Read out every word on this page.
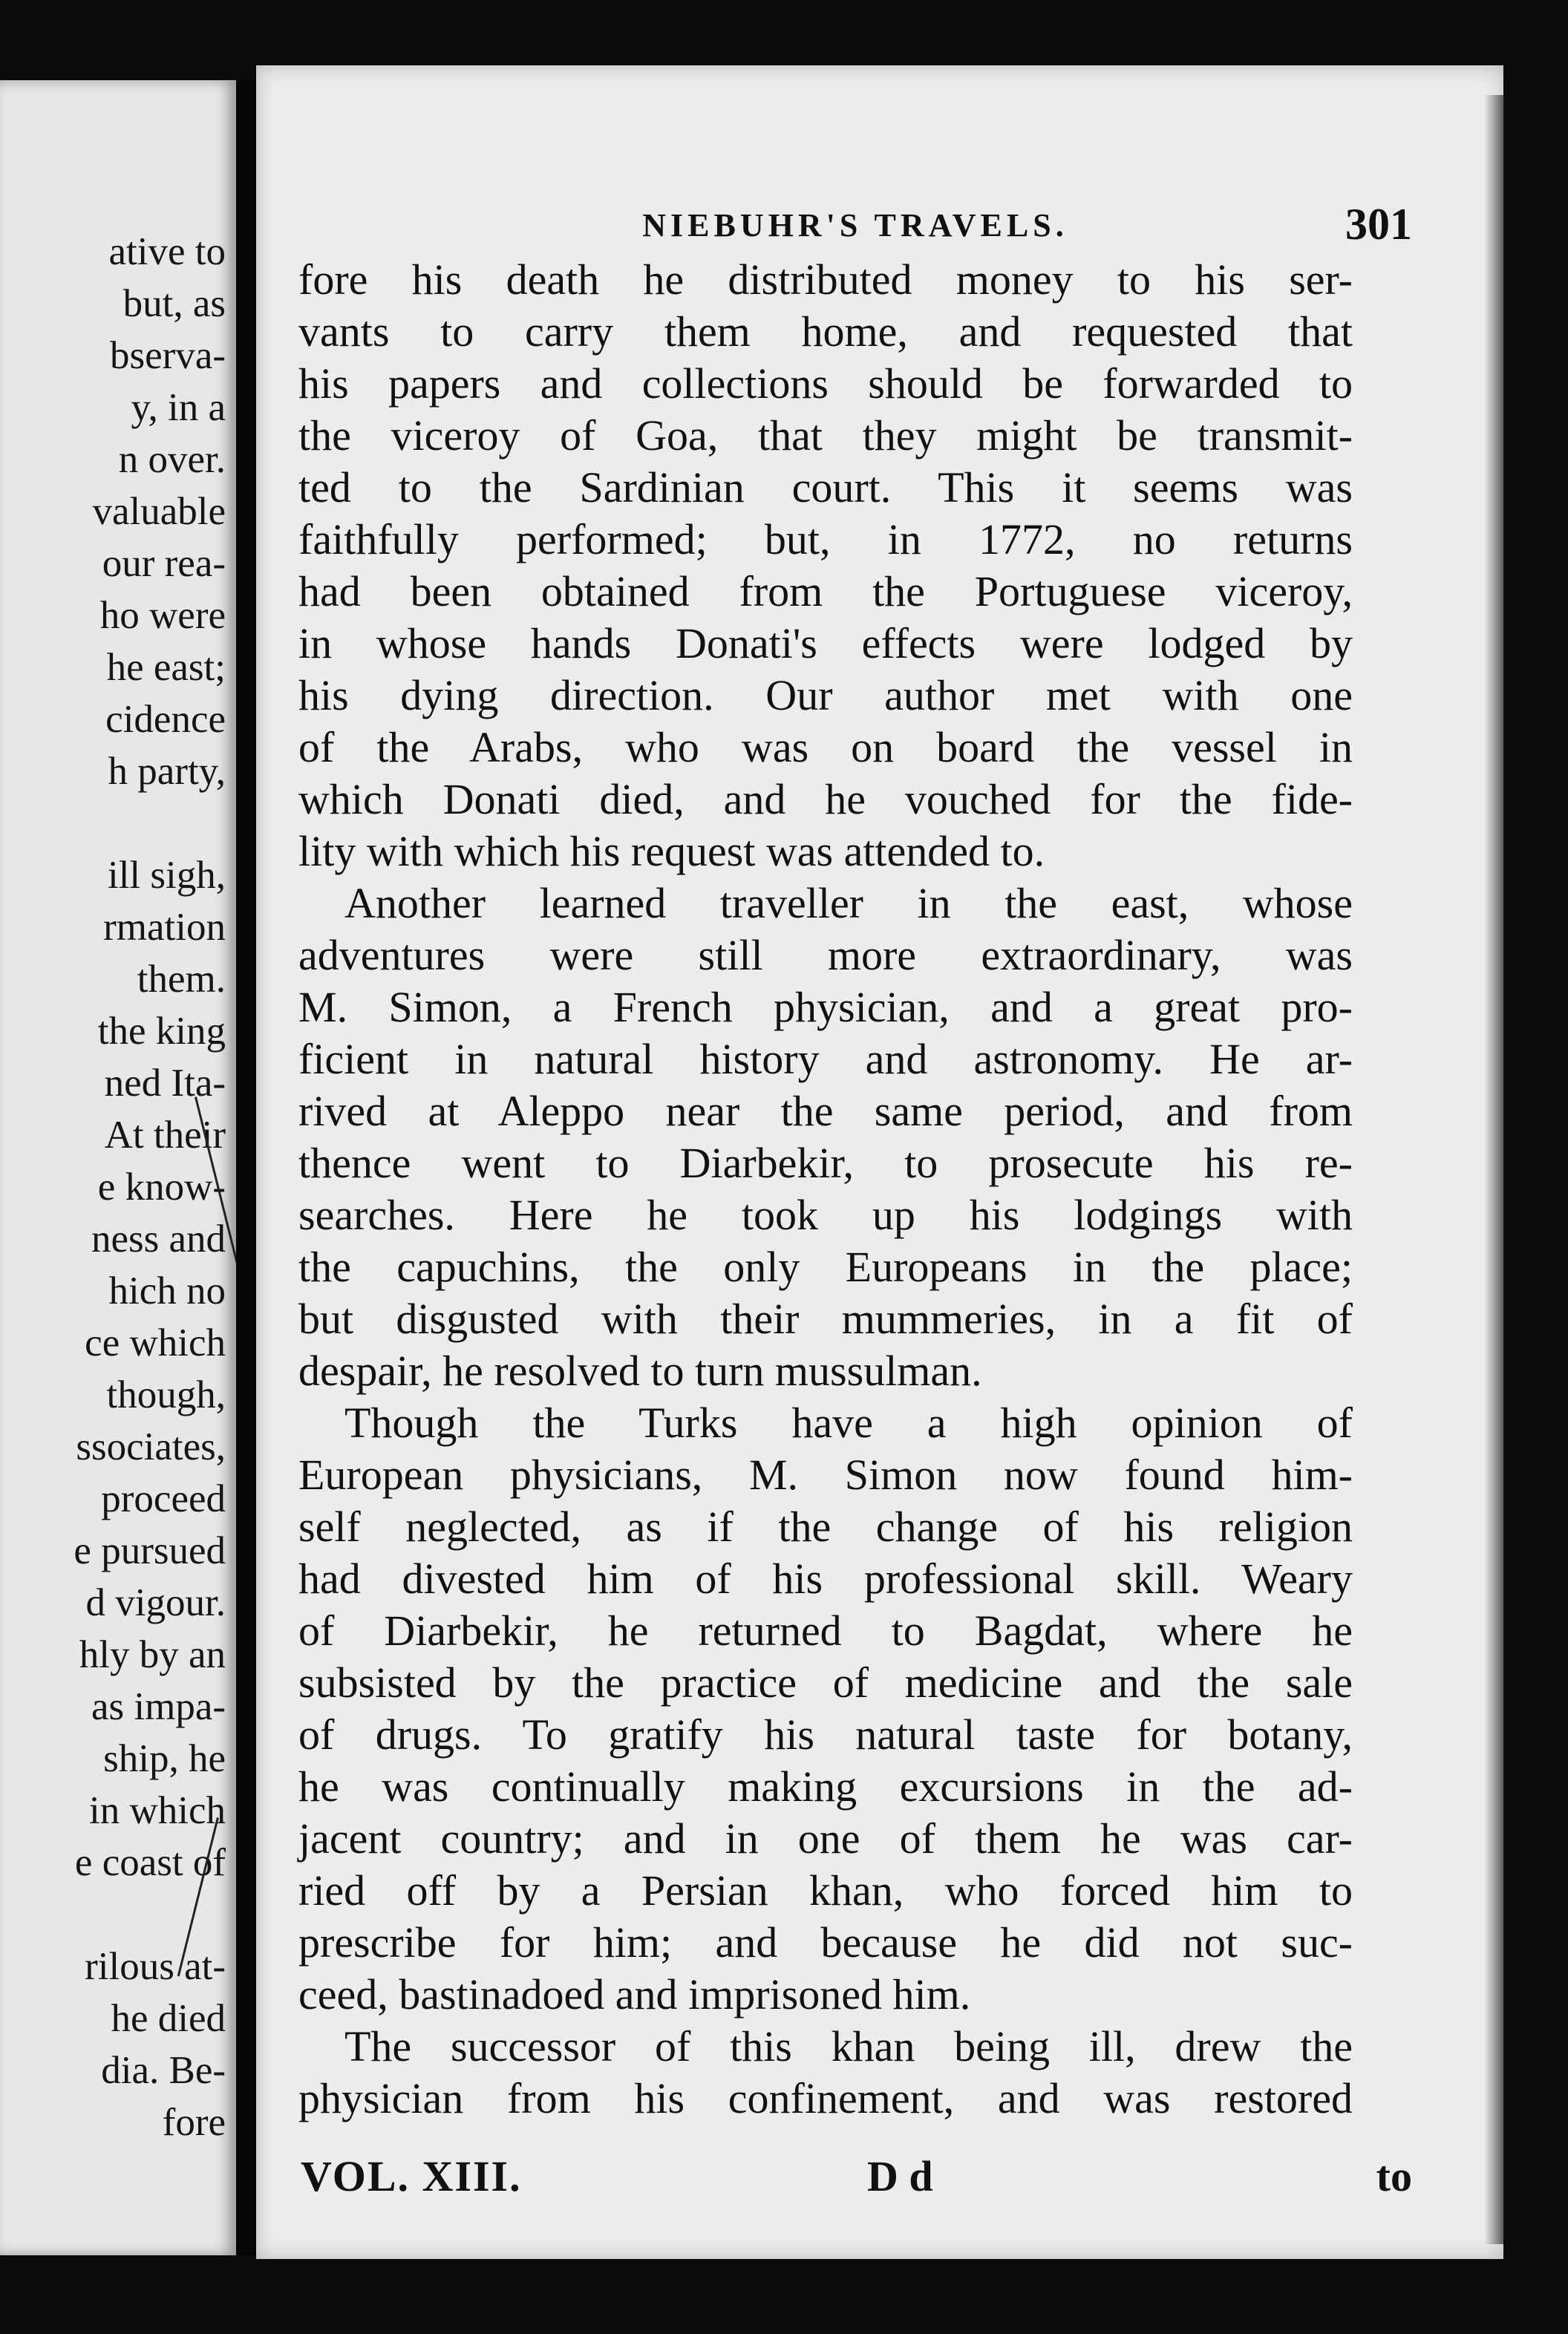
ative to
but, as
bserva-
y, in a
n over.
valuable
our rea-
ho were
he east;
cidence
h party,
ill sigh,
rmation
them.
the king
ned Ita-
At their
e know-
ness and
hich no
ce which
though,
ssociates,
proceed
e pursued
d vigour.
hly by an
as impa-
ship, he
in which
e coast of
rilous at-
he died
dia. Be-
fore
NIEBUHR'S TRAVELS.	301
fore his death he distributed money to his ser-
vants to carry them home, and requested that
his papers and collections should be forwarded to
the viceroy of Goa, that they might be transmit-
ted to the Sardinian court. This it seems was
faithfully performed; but, in 1772, no returns
had been obtained from the Portuguese viceroy,
in whose hands Donati's effects were lodged by
his dying direction. Our author met with one
of the Arabs, who was on board the vessel in
which Donati died, and he vouched for the fide-
lity with which his request was attended to.
Another learned traveller in the east, whose
adventures were still more extraordinary, was
M. Simon, a French physician, and a great pro-
ficient in natural history and astronomy. He ar-
rived at Aleppo near the same period, and from
thence went to Diarbekir, to prosecute his re-
searches. Here he took up his lodgings with
the capuchins, the only Europeans in the place;
but disgusted with their mummeries, in a fit of
despair, he resolved to turn mussulman.
Though the Turks have a high opinion of
European physicians, M. Simon now found him-
self neglected, as if the change of his religion
had divested him of his professional skill. Weary
of Diarbekir, he returned to Bagdat, where he
subsisted by the practice of medicine and the sale
of drugs. To gratify his natural taste for botany,
he was continually making excursions in the ad-
jacent country; and in one of them he was car-
ried off by a Persian khan, who forced him to
prescribe for him; and because he did not suc-
ceed, bastinadoed and imprisoned him.
The successor of this khan being ill, drew the
physician from his confinement, and was restored
VOL. XIII.	D d	to
